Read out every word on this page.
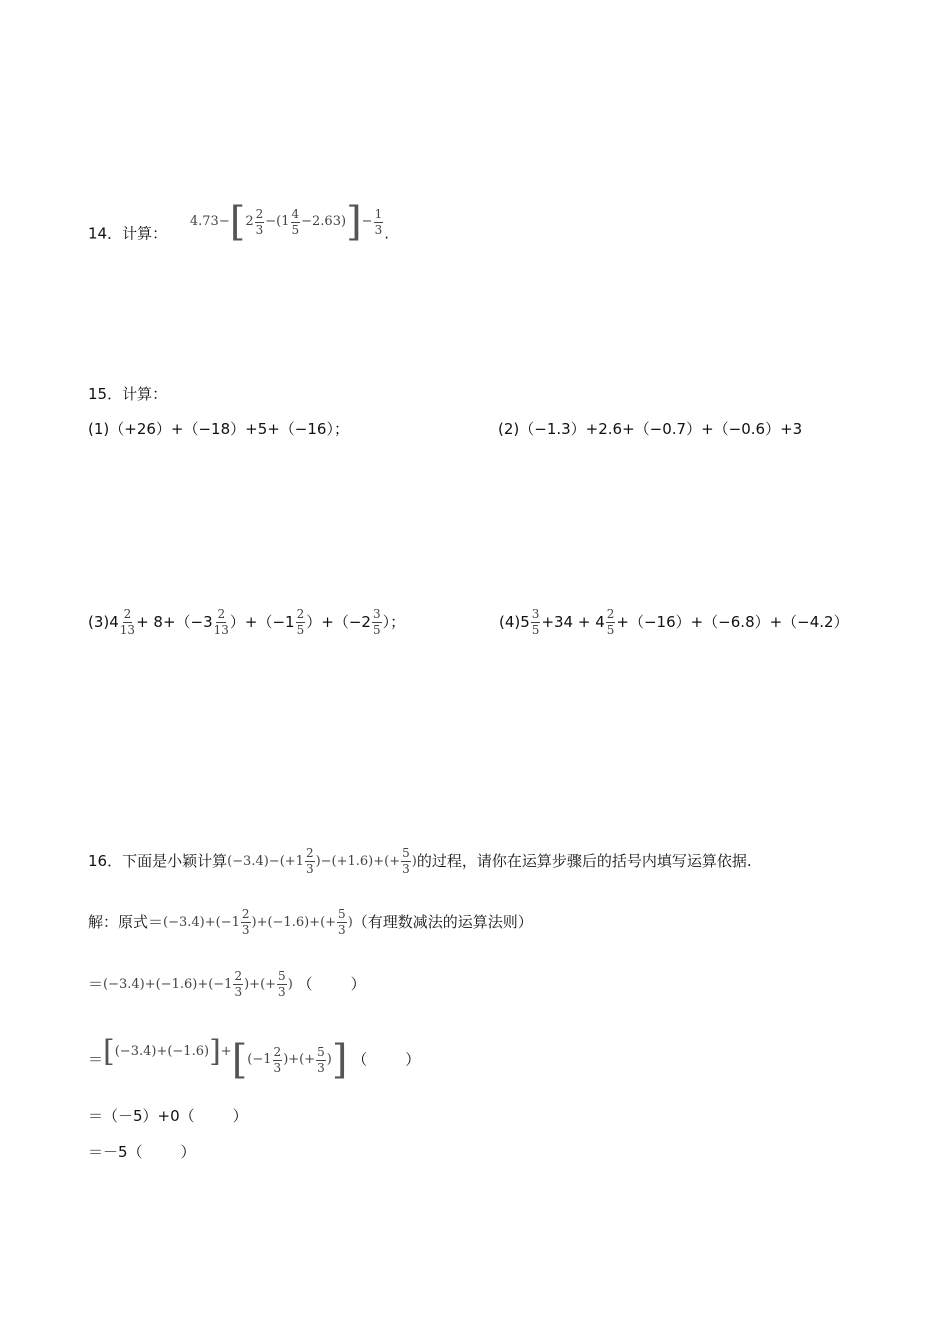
14．计算： $4.73-[2 \frac{2}{3} -(1 \frac{4}{5} -2.63)]- \frac{1}{3}$ .
15．计算：
(1)（+26）+（−18）+5+（−16）；	(2)（−1.3）+2.6+（−0.7）+（−0.6）+3
$(3)4 \frac{2}{13} + 8+(-3 \frac{2}{13} )+(-1 \frac{2}{5} )+(-2 \frac{3}{5}$ ）；	$(4)5 \frac{3}{5} +34 + 4 \frac{2}{5} +(-16)+(-6.8)+(-4.2)$
16．下面是小颖计算$(-3.4)-(+1 \frac{2}{3} )-(+1.6)+(+ \frac{5}{3}$ )的过程，请你在运算步骤后的括号内填写运算依据.
解：原式$=(-3.4)+(-1 \frac{2}{3} )+(-1.6)+(+ \frac{5}{3}$ )（有理数减法的运算法则）
$=(-3.4)+(-1.6)+(-1 \frac{2}{3}$ )+(+ $\frac{5}{3}$ ) （	）
$=[(-3.4)+(-1.6)]+[(-1 \frac{2}{3}$ )+(+ $\frac{5}{3}$ )] （	）
＝（－5）+0（	）
＝－5（	）
